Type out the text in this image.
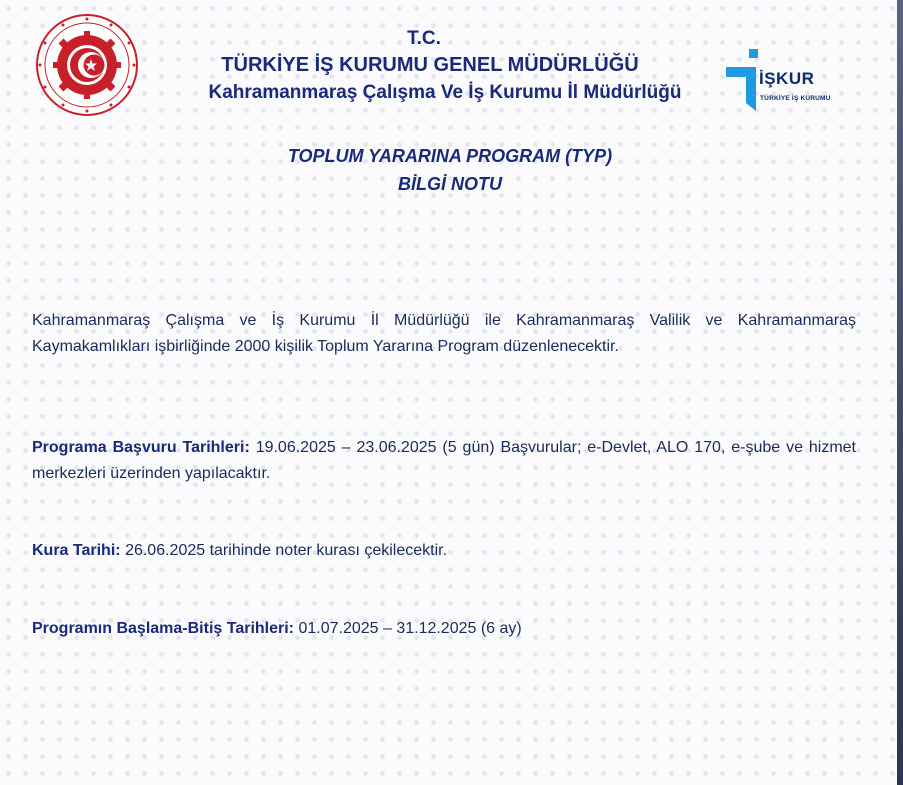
T.C.
TÜRKİYE İŞ KURUMU GENEL MÜDÜRLÜĞÜ
Kahramanmaraş Çalışma Ve İş Kurumu İl Müdürlüğü
İŞKUR
TÜRKİYE İŞ KURUMU
TOPLUM YARARINA PROGRAM (TYP)
BİLGİ NOTU
Kahramanmaraş Çalışma ve İş Kurumu İl Müdürlüğü ile Kahramanmaraş Valilik ve Kahramanmaraş Kaymakamlıkları işbirliğinde 2000 kişilik Toplum Yararına Program düzenlenecektir.
Programa Başvuru Tarihleri: 19.06.2025 – 23.06.2025 (5 gün) Başvurular; e-Devlet, ALO 170, e-şube ve hizmet merkezleri üzerinden yapılacaktır.
Kura Tarihi: 26.06.2025 tarihinde noter kurası çekilecektir.
Programın Başlama-Bitiş Tarihleri: 01.07.2025 – 31.12.2025 (6 ay)
